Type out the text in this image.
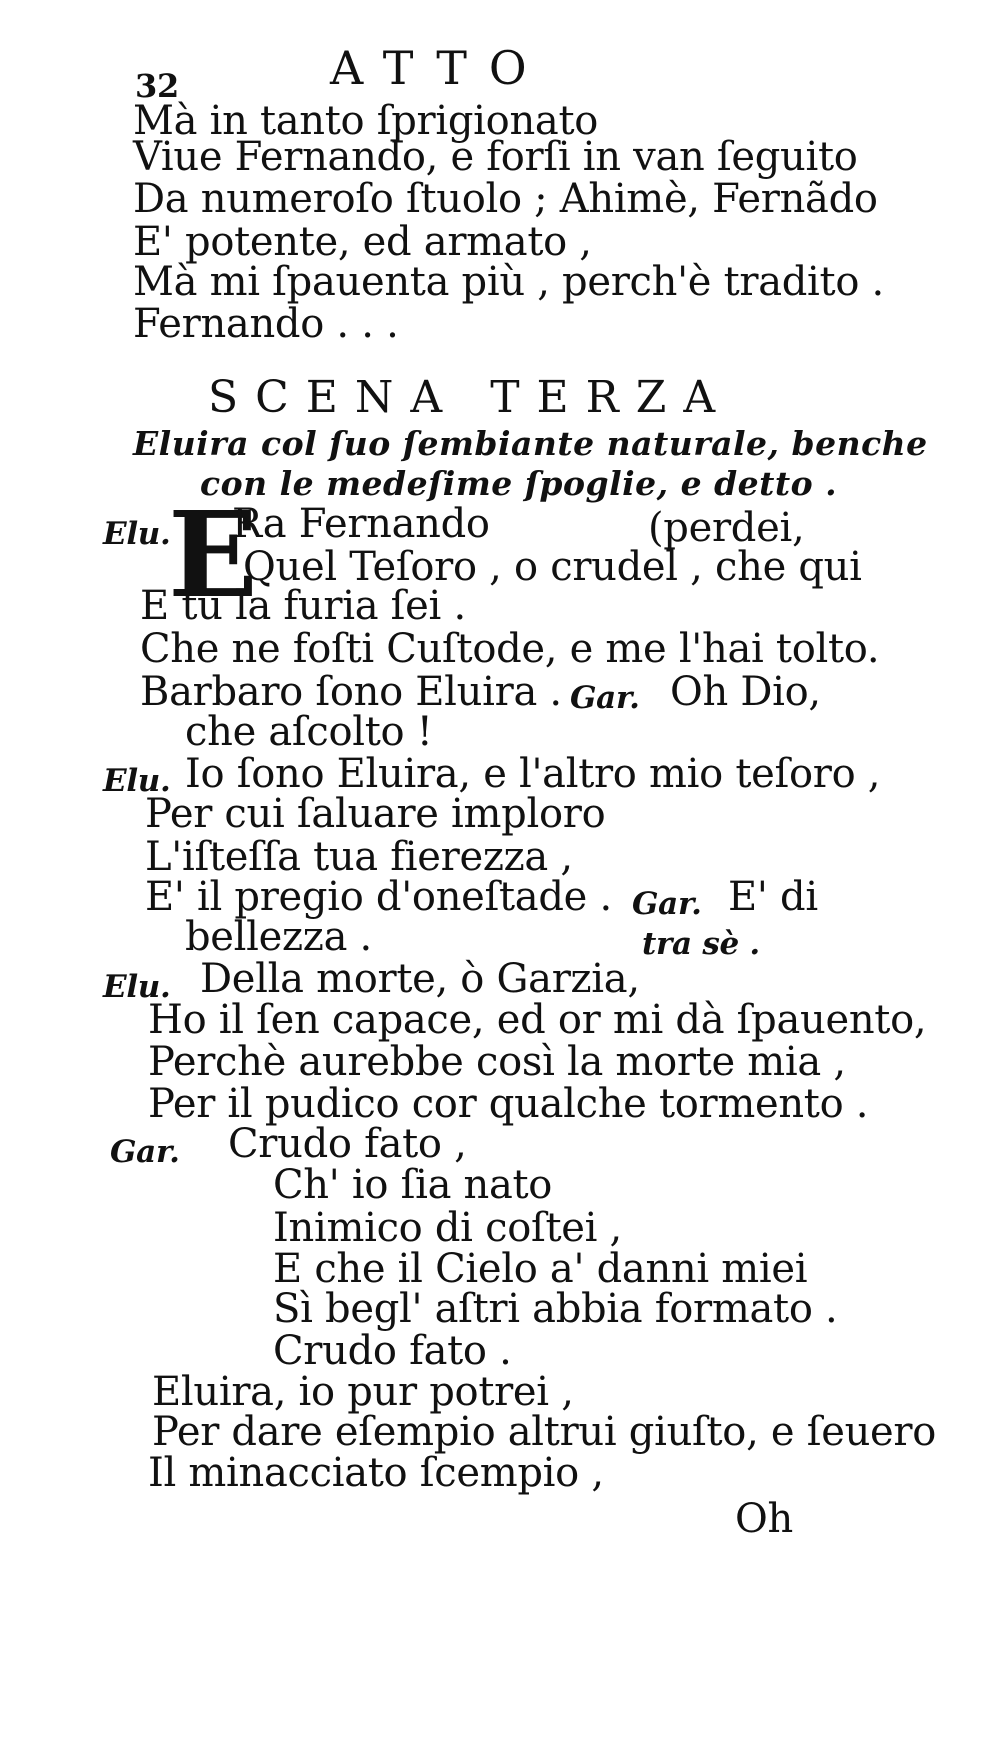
32	ATTO
Mà in tanto ſprigionato
Viue Fernando, e forſi in van ſeguito
Da numeroſo ſtuolo ; Ahimè, Fernãdo
E' potente, ed armato ,
Mà mi ſpauenta più , perch'è tradito .
Fernando . . .
SCENA TERZA
Eluira col ſuo ſembiante naturale, benche
con le medeſime ſpoglie, e detto .
Elu.
E
Ra Fernando	(perdei,
Quel Teſoro , o crudel , che qui
E tù la furia ſei .
Che ne foſti Cuſtode, e me l'hai tolto.
Barbaro ſono Eluira . Gar. Oh Dio,
che aſcolto !
Elu. Io ſono Eluira, e l'altro mio teſoro ,
Per cui ſaluare imploro
L'iſteſſa tua fierezza ,
E' il pregio d'oneſtade . Gar. E' di
bellezza .	tra sè .
Elu. Della morte, ò Garzia,
Ho il ſen capace, ed or mi dà ſpauento,
Perchè aurebbe così la morte mia ,
Per il pudico cor qualche tormento .
Gar. Crudo fato ,
Ch' io ſia nato
Inimico di coſtei ,
E che il Cielo a' danni miei
Sì begl' aſtri abbia formato .
Crudo fato .
Eluira, io pur potrei ,
Per dare eſempio altrui giuſto, e ſeuero
Il minacciato ſcempio ,
Oh
